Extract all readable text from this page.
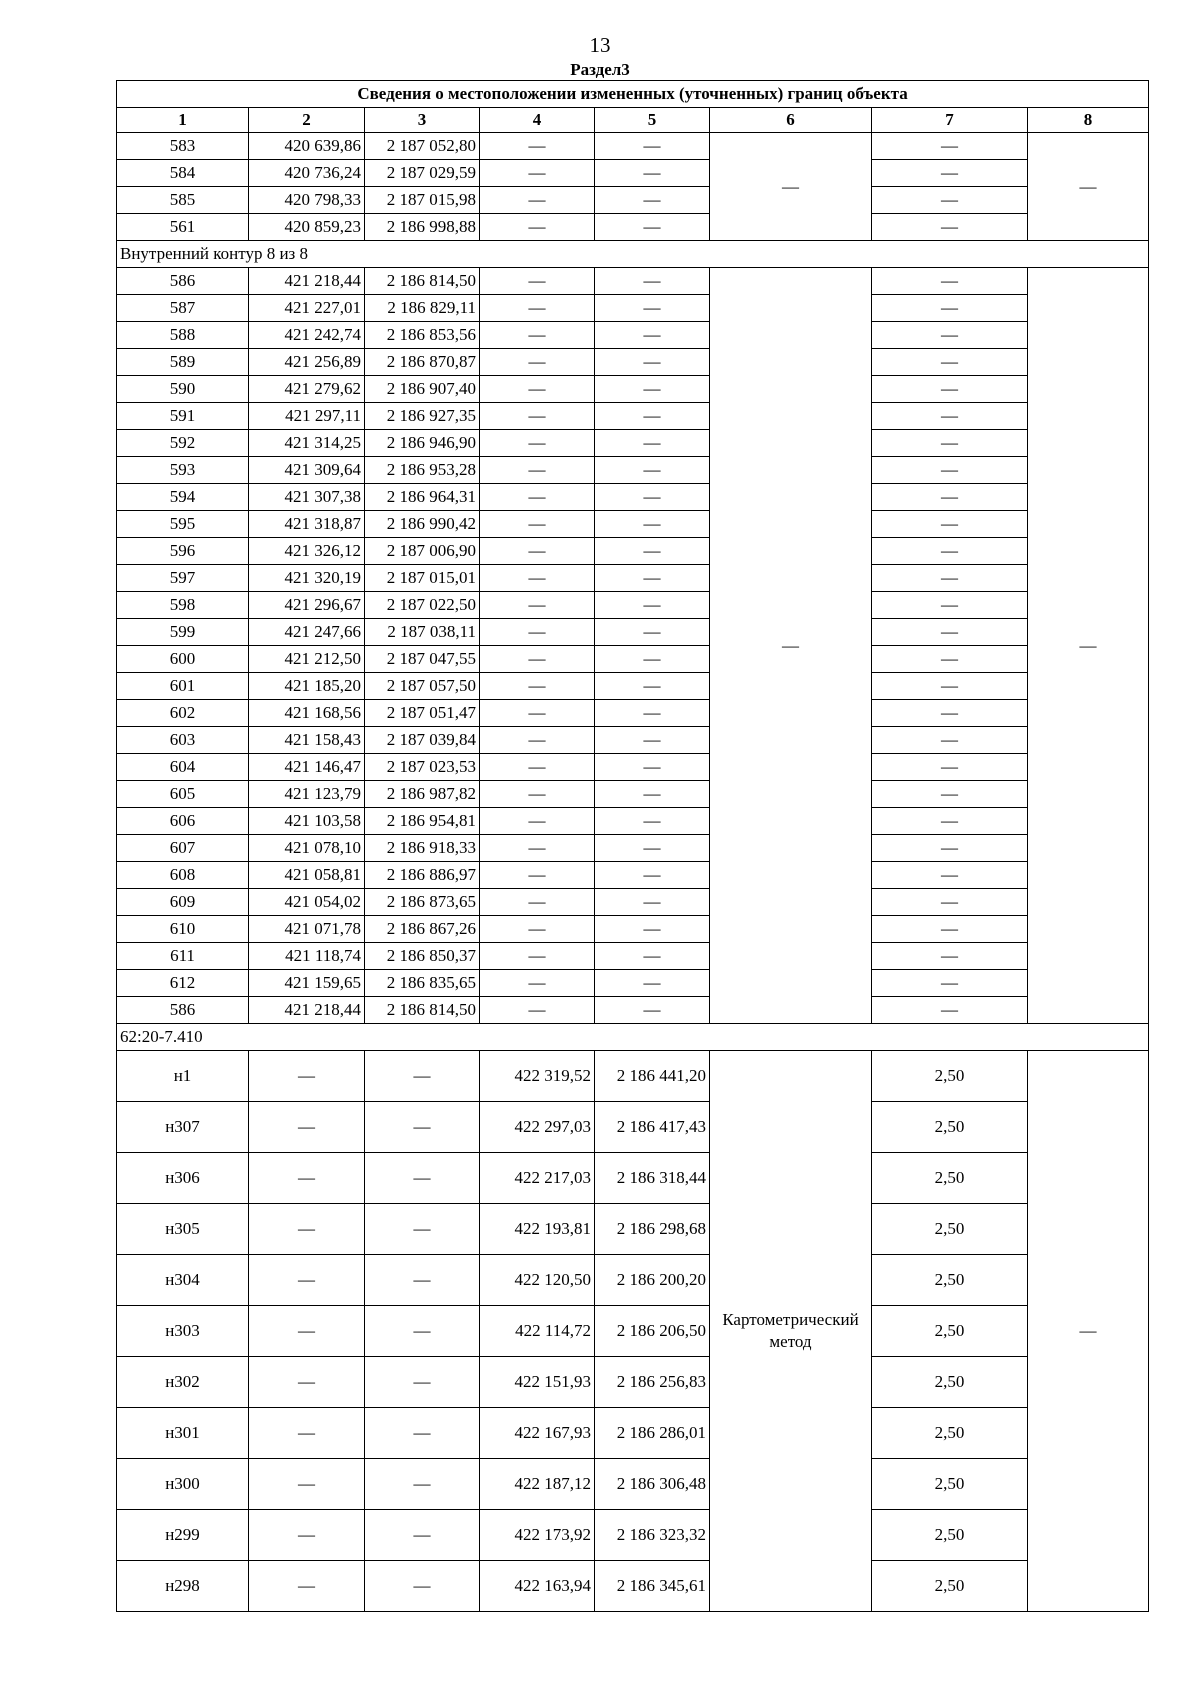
13
Раздел3
Сведения о местоположении измененных (уточненных) границ объекта							
1	2	3	4	5	6	7	8
583	420 639,86	2 187 052,80	—	—	—	—	—
584	420 736,24	2 187 029,59	—	—		—	
585	420 798,33	2 187 015,98	—	—		—	
561	420 859,23	2 186 998,88	—	—		—	
Внутренний контур 8 из 8							
586	421 218,44	2 186 814,50	—	—	—	—	—
587	421 227,01	2 186 829,11	—	—		—	
588	421 242,74	2 186 853,56	—	—		—	
589	421 256,89	2 186 870,87	—	—		—	
590	421 279,62	2 186 907,40	—	—		—	
591	421 297,11	2 186 927,35	—	—		—	
592	421 314,25	2 186 946,90	—	—		—	
593	421 309,64	2 186 953,28	—	—		—	
594	421 307,38	2 186 964,31	—	—		—	
595	421 318,87	2 186 990,42	—	—		—	
596	421 326,12	2 187 006,90	—	—		—	
597	421 320,19	2 187 015,01	—	—		—	
598	421 296,67	2 187 022,50	—	—		—	
599	421 247,66	2 187 038,11	—	—		—	
600	421 212,50	2 187 047,55	—	—		—	
601	421 185,20	2 187 057,50	—	—		—	
602	421 168,56	2 187 051,47	—	—		—	
603	421 158,43	2 187 039,84	—	—		—	
604	421 146,47	2 187 023,53	—	—		—	
605	421 123,79	2 186 987,82	—	—		—	
606	421 103,58	2 186 954,81	—	—		—	
607	421 078,10	2 186 918,33	—	—		—	
608	421 058,81	2 186 886,97	—	—		—	
609	421 054,02	2 186 873,65	—	—		—	
610	421 071,78	2 186 867,26	—	—		—	
611	421 118,74	2 186 850,37	—	—		—	
612	421 159,65	2 186 835,65	—	—		—	
586	421 218,44	2 186 814,50	—	—		—	
62:20-7.410							
н1	—	—	422 319,52	2 186 441,20	Картометрический метод	2,50	—
н307	—	—	422 297,03	2 186 417,43		2,50	
н306	—	—	422 217,03	2 186 318,44		2,50	
н305	—	—	422 193,81	2 186 298,68		2,50	
н304	—	—	422 120,50	2 186 200,20		2,50	
н303	—	—	422 114,72	2 186 206,50		2,50	
н302	—	—	422 151,93	2 186 256,83		2,50	
н301	—	—	422 167,93	2 186 286,01		2,50	
н300	—	—	422 187,12	2 186 306,48		2,50	
н299	—	—	422 173,92	2 186 323,32		2,50	
н298	—	—	422 163,94	2 186 345,61		2,50	
